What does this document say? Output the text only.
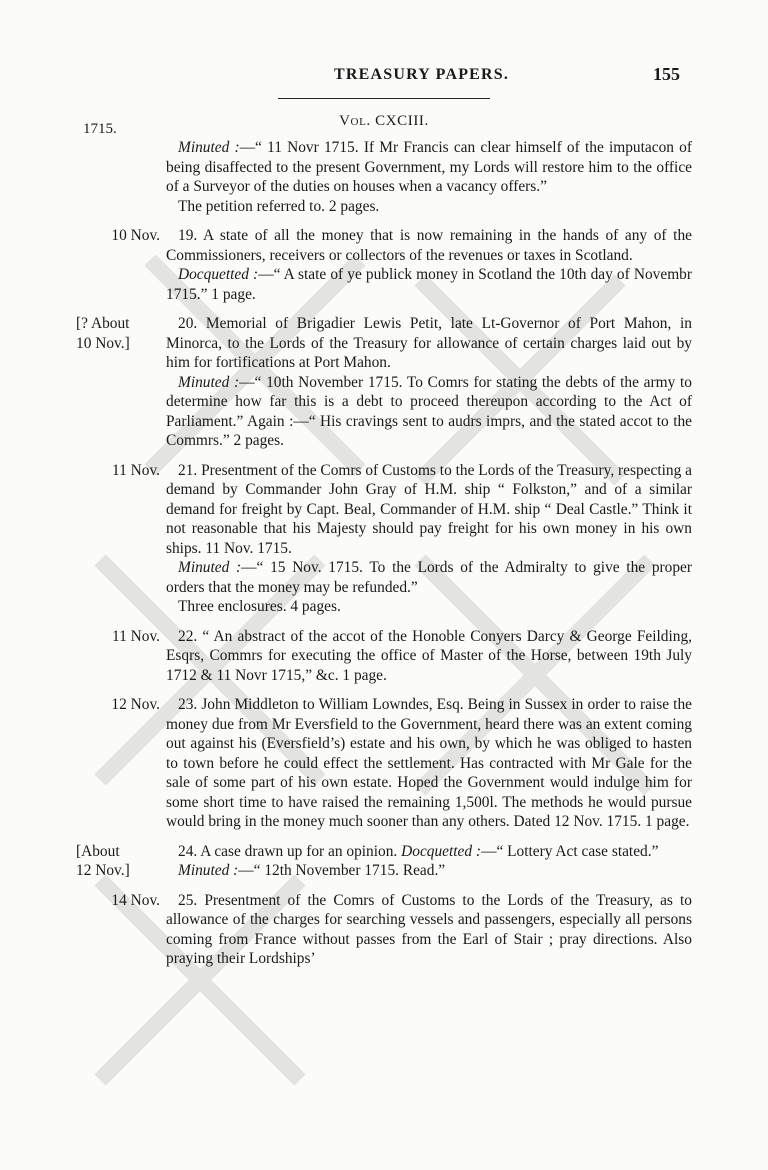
TREASURY PAPERS.	155
Vol. CXCIII.
1715.

Minuted :—“ 11 Novr 1715. If Mr Francis can clear himself of the imputacon of being disaffected to the present Government, my Lords will restore him to the office of a Surveyor of the duties on houses when a vacancy offers.”

The petition referred to. 2 pages.

10 Nov.	19. A state of all the money that is now remaining in the hands of any of the Commissioners, receivers or collectors of the revenues or taxes in Scotland.

Docquetted :—“ A state of ye publick money in Scotland the 10th day of Novembr 1715.” 1 page.

[? About
10 Nov.]

20. Memorial of Brigadier Lewis Petit, late Lt-Governor of Port Mahon, in Minorca, to the Lords of the Treasury for allowance of certain charges laid out by him for fortifications at Port Mahon.

Minuted :—“ 10th November 1715. To Comrs for stating the debts of the army to determine how far this is a debt to proceed thereupon according to the Act of Parliament.” Again :—“ His cravings sent to audrs imprs, and the stated accot to the Commrs.” 2 pages.

11 Nov.	21. Presentment of the Comrs of Customs to the Lords of the Treasury, respecting a demand by Commander John Gray of H.M. ship “ Folkston,” and of a similar demand for freight by Capt. Beal, Commander of H.M. ship “ Deal Castle.” Think it not reasonable that his Majesty should pay freight for his own money in his own ships. 11 Nov. 1715.

Minuted :—“ 15 Nov. 1715. To the Lords of the Admiralty to give the proper orders that the money may be refunded.”

Three enclosures. 4 pages.

11 Nov.	22. “ An abstract of the accot of the Honoble Conyers Darcy & George Feilding, Esqrs, Commrs for executing the office of Master of the Horse, between 19th July 1712 & 11 Novr 1715,” &c. 1 page.

12 Nov.	23. John Middleton to William Lowndes, Esq. Being in Sussex in order to raise the money due from Mr Eversfield to the Government, heard there was an extent coming out against his (Eversfield’s) estate and his own, by which he was obliged to hasten to town before he could effect the settlement. Has contracted with Mr Gale for the sale of some part of his own estate. Hoped the Government would indulge him for some short time to have raised the remaining 1,500l. The methods he would pursue would bring in the money much sooner than any others. Dated 12 Nov. 1715. 1 page.

[About
12 Nov.]

24. A case drawn up for an opinion. Docquetted :—“ Lottery Act case stated.”

Minuted :—“ 12th November 1715. Read.”

14 Nov.	25. Presentment of the Comrs of Customs to the Lords of the Treasury, as to allowance of the charges for searching vessels and passengers, especially all persons coming from France without passes from the Earl of Stair ; pray directions. Also praying their Lordships’
